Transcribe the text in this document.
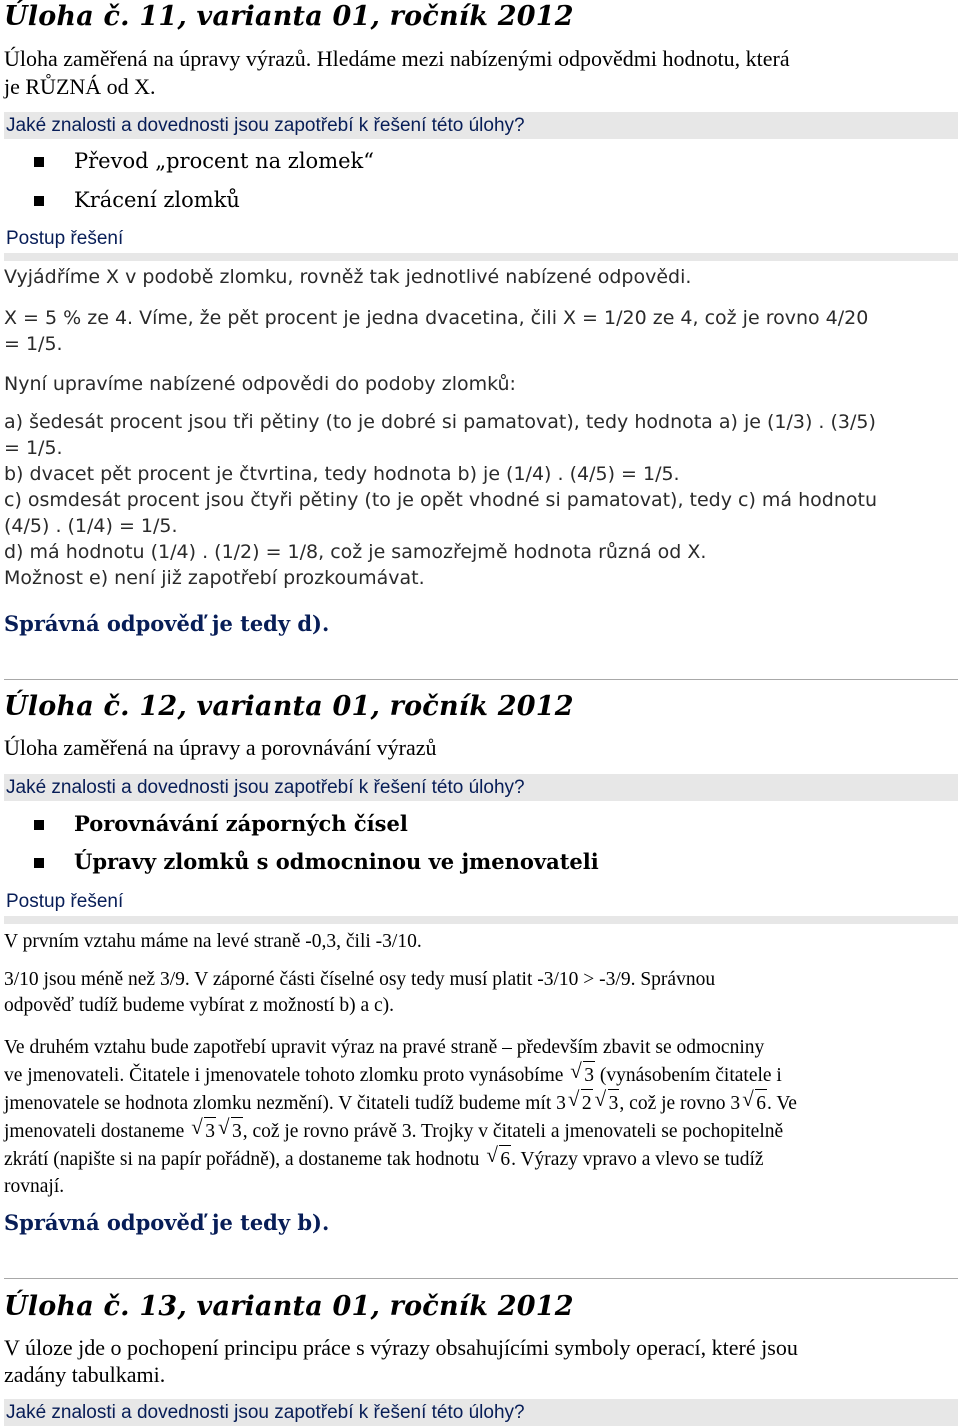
Úloha č. 11, varianta 01, ročník 2012
Úloha zaměřená na úpravy výrazů. Hledáme mezi nabízenými odpovědmi hodnotu, která
je RŮZNÁ od X.
Jaké znalosti a dovednosti jsou zapotřebí k řešení této úlohy?
Převod „procent na zlomek“
Krácení zlomků
Postup řešení

Vyjádříme X v podobě zlomku, rovněž tak jednotlivé nabízené odpovědi.

X = 5 % ze 4. Víme, že pět procent je jedna dvacetina, čili X = 1/20 ze 4, což je rovno 4/20

= 1/5.

Nyní upravíme nabízené odpovědi do podoby zlomků:

a) šedesát procent jsou tři pětiny (to je dobré si pamatovat), tedy hodnota a) je (1/3) . (3/5)

= 1/5.

b) dvacet pět procent je čtvrtina, tedy hodnota b) je (1/4) . (4/5) = 1/5.

c) osmdesát procent jsou čtyři pětiny (to je opět vhodné si pamatovat), tedy c) má hodnotu

(4/5) . (1/4) = 1/5.

d) má hodnotu (1/4) . (1/2) = 1/8, což je samozřejmě hodnota různá od X.

Možnost e) není již zapotřebí prozkoumávat.

Správná odpověď je tedy d).
Úloha č. 12, varianta 01, ročník 2012
Úloha zaměřená na úpravy a porovnávání výrazů
Jaké znalosti a dovednosti jsou zapotřebí k řešení této úlohy?
Porovnávání záporných čísel
Úpravy zlomků s odmocninou ve jmenovateli
Postup řešení
V prvním vztahu máme na levé straně -0,3, čili -3/10.

3/10 jsou méně než 3/9. V záporné části číselné osy tedy musí platit -3/10 > -3/9. Správnou

odpověď tudíž budeme vybírat z možností b) a c).

Ve druhém vztahu bude zapotřebí upravit výraz na pravé straně – především zbavit se odmocniny

ve jmenovateli. Čitatele i jmenovatele tohoto zlomku proto vynásobíme √ 3 (vynásobením čitatele i

jmenovatele se hodnota zlomku nezmění). V čitateli tudíž budeme mít 3 √ 2 √ 3, což je rovno 3 √ 6. Ve

jmenovateli dostaneme √ 3 √ 3, což je rovno právě 3. Trojky v čitateli a jmenovateli se pochopitelně

zkrátí (napište si na papír pořádně), a dostaneme tak hodnotu √ 6. Výrazy vpravo a vlevo se tudíž

rovnají.

Správná odpověď je tedy b).
Úloha č. 13, varianta 01, ročník 2012
V úloze jde o pochopení principu práce s výrazy obsahujícími symboly operací, které jsou
zadány tabulkami.
Jaké znalosti a dovednosti jsou zapotřebí k řešení této úlohy?
